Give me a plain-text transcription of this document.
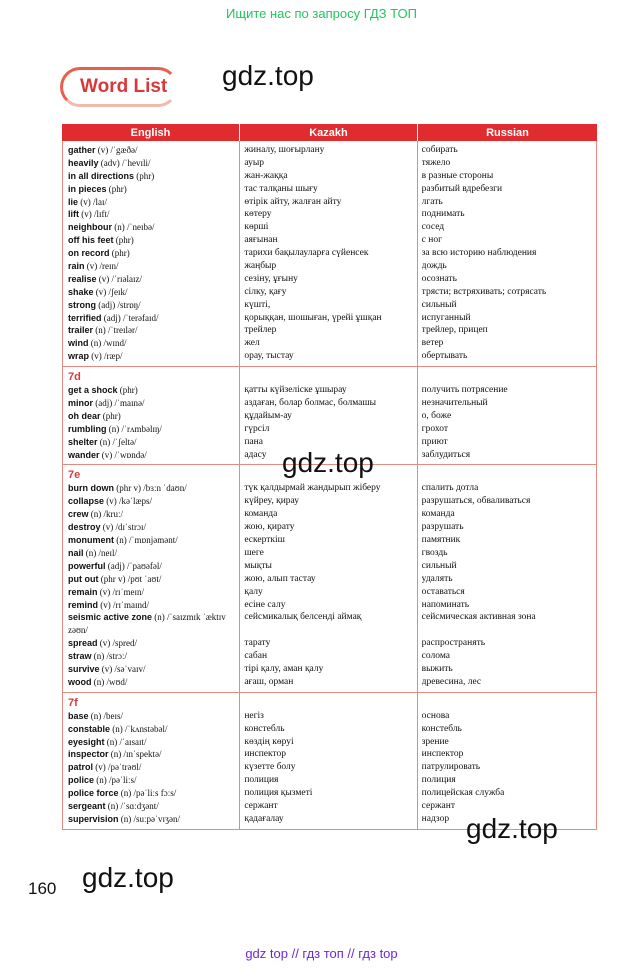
Ищите нас по запросу ГДЗ ТОП
Word List gdz.top
English	Kazakh	Russian
gather (v) /ˈgæðə/
heavily (adv) /ˈhevɪli/
in all directions (phr)
in pieces (phr)
lie (v) /laɪ/
lift (v) /lɪft/
neighbour (n) /ˈneɪbə/
off his feet (phr)
on record (phr)
rain (v) /reɪn/
realise (v) /ˈrɪəlaɪz/
shake (v) /ʃeɪk/
strong (adj) /strɒŋ/
terrified (adj) /ˈterəfaɪd/
trailer (n) /ˈtreɪlər/
wind (n) /wɪnd/
wrap (v) /ræp/
жиналу, шоғырлану
ауыр
жан-жаққа
тас талқаны шығу
өтірік айту, жалған айту
көтеру
көрші
аяғынан
тарихи бақылауларға сүйенсек
жаңбыр
сезіну, ұғыну
сілку, қағу
күшті,
қорыққан, шошыған, үрейі ұшқан
трейлер
жел
орау, тыстау
собирать
тяжело
в разные стороны
разбитый вдребезги
лгать
поднимать
сосед
с ног
за всю историю наблюдения
дождь
осознать
трясти; встряхивать; сотрясать
сильный
испуганный
трейлер, прицеп
ветер
обертывать
7d
get a shock (phr)
minor (adj) /ˈmaɪnə/
oh dear (phr)
rumbling (n) /ˈrʌmbəlɪŋ/
shelter (n) /ˈʃeltə/
wander (v) /ˈwɒndə/
қатты күйзеліске ұшырау
аздаған, болар болмас, болмашы
құдайым-ау
гүрсіл
пана
адасу
получить потрясение
незначительный
о, боже
грохот
приют
заблудиться
7e
burn down (phr v) /bɜːn ˈdaʊn/
collapse (v) /kəˈlæps/
crew (n) /kruː/
destroy (v) /dɪˈstrɔɪ/
monument (n) /ˈmɒnjəmənt/
nail (n) /neɪl/
powerful (adj) /ˈpaʊəfəl/
put out (phr v) /pʊt ˈaʊt/
remain (v) /rɪˈmeɪn/
remind (v) /rɪˈmaɪnd/
seismic active zone (n) /ˈsaɪzmɪk ˈæktɪv zəʊn/
spread (v) /spred/
straw (n) /strɔː/
survive (v) /səˈvaɪv/
wood (n) /wʊd/
түк қалдырмай жандырып жіберу
күйреу, қирау
команда
жою, қирату
ескерткіш
шеге
мықты
жою, алып тастау
қалу
есіне салу
сейсмикалық белсенді аймақ
тарату
сабан
тірі қалу, аман қалу
ағаш, орман
спалить дотла
разрушаться, обваливаться
команда
разрушать
памятник
гвоздь
сильный
удалять
оставаться
напоминать
сейсмическая активная зона
распространять
солома
выжить
древесина, лес
7f
base (n) /beɪs/
constable (n) /ˈkʌnstəbəl/
eyesight (n) /ˈaɪsaɪt/
inspector (n) /ɪnˈspektə/
patrol (v) /pəˈtrəʊl/
police (n) /pəˈliːs/
police force (n) /pəˈliːs fɔːs/
sergeant (n) /ˈsɑːdʒənt/
supervision (n) /suːpəˈvɪʒən/
негіз
констебль
көздің көруі
инспектор
күзетте болу
полиция
полиция қызметі
сержант
қадағалау
основа
констебль
зрение
инспектор
патрулировать
полиция
полицейская служба
сержант
надзор
gdz.top
gdz.top
gdz.top
160
gdz top // гдз топ // гдз top
